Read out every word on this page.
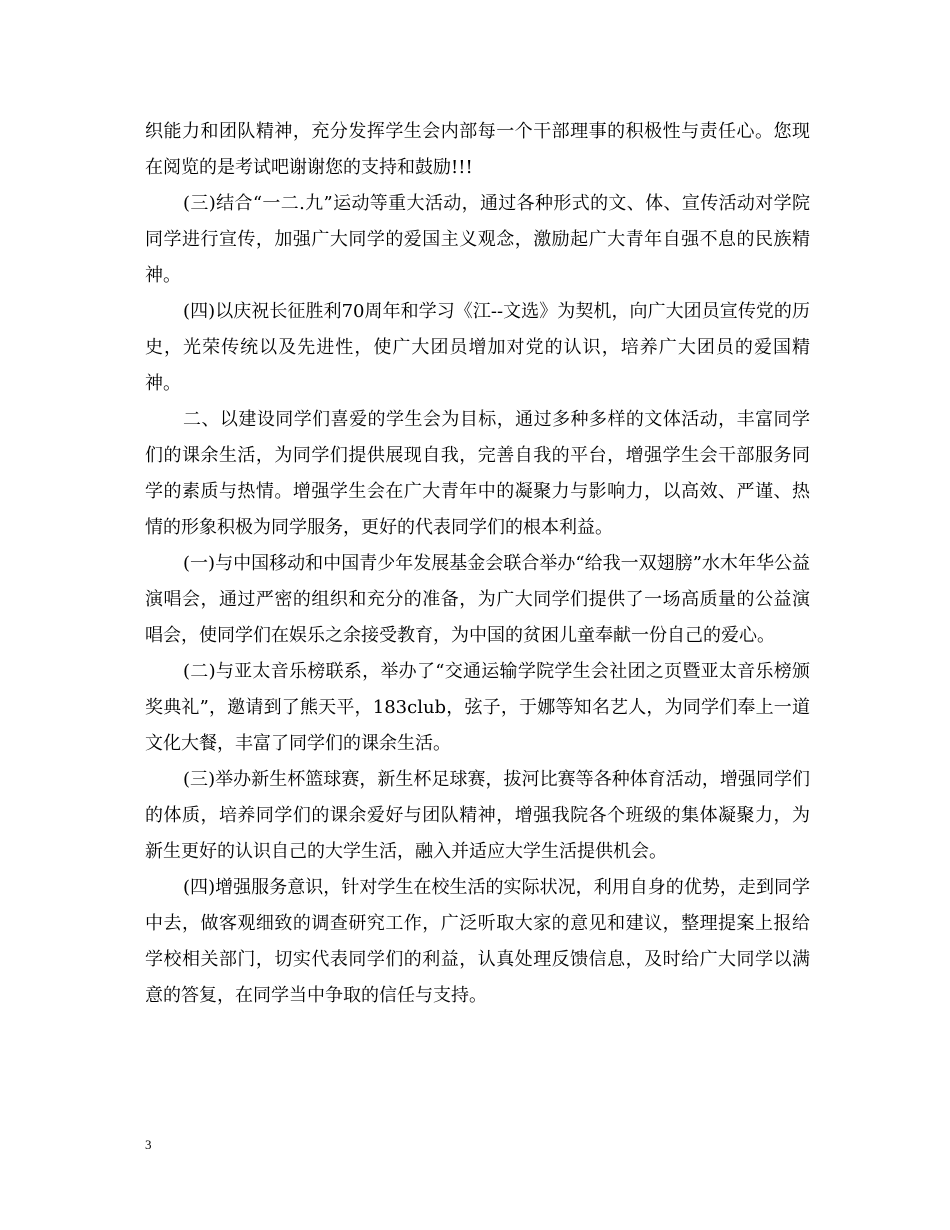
织能力和团队精神，充分发挥学生会内部每一个干部理事的积极性与责任心。您现在阅览的是考试吧谢谢您的支持和鼓励!!!

(三)结合“一二.九”运动等重大活动，通过各种形式的文、体、宣传活动对学院同学进行宣传，加强广大同学的爱国主义观念，激励起广大青年自强不息的民族精神。

(四)以庆祝长征胜利70周年和学习《江--文选》为契机，向广大团员宣传党的历史，光荣传统以及先进性，使广大团员增加对党的认识，培养广大团员的爱国精神。

二、以建设同学们喜爱的学生会为目标，通过多种多样的文体活动，丰富同学们的课余生活，为同学们提供展现自我，完善自我的平台，增强学生会干部服务同学的素质与热情。增强学生会在广大青年中的凝聚力与影响力，以高效、严谨、热情的形象积极为同学服务，更好的代表同学们的根本利益。

(一)与中国移动和中国青少年发展基金会联合举办“给我一双翅膀”水木年华公益演唱会，通过严密的组织和充分的准备，为广大同学们提供了一场高质量的公益演唱会，使同学们在娱乐之余接受教育，为中国的贫困儿童奉献一份自己的爱心。

(二)与亚太音乐榜联系，举办了“交通运输学院学生会社团之页暨亚太音乐榜颁奖典礼”，邀请到了熊天平，183club，弦子，于娜等知名艺人，为同学们奉上一道文化大餐，丰富了同学们的课余生活。

(三)举办新生杯篮球赛，新生杯足球赛，拔河比赛等各种体育活动，增强同学们的体质，培养同学们的课余爱好与团队精神，增强我院各个班级的集体凝聚力，为新生更好的认识自己的大学生活，融入并适应大学生活提供机会。

(四)增强服务意识，针对学生在校生活的实际状况，利用自身的优势，走到同学中去，做客观细致的调查研究工作，广泛听取大家的意见和建议，整理提案上报给学校相关部门，切实代表同学们的利益，认真处理反馈信息，及时给广大同学以满意的答复，在同学当中争取的信任与支持。

3
